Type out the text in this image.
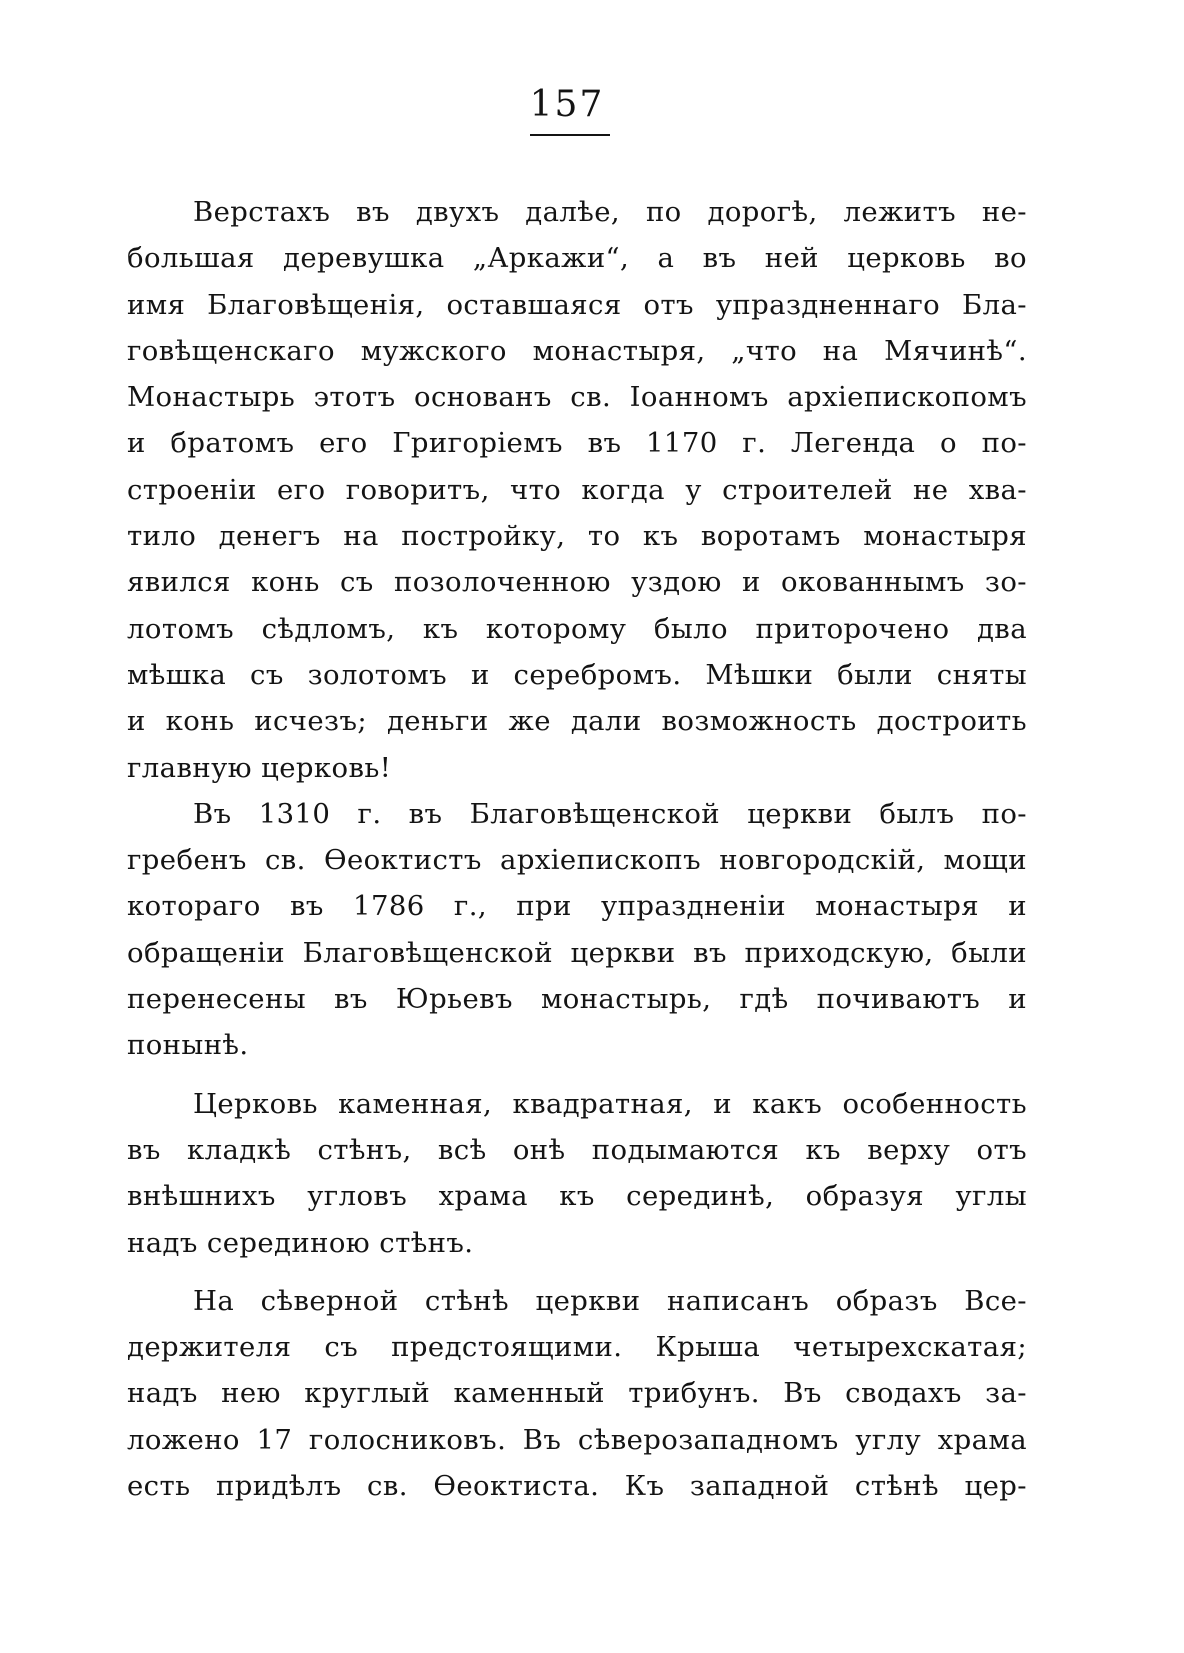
157

Верстахъ въ двухъ далѣе, по дорогѣ, лежитъ не-
большая деревушка „Аркажи“, а въ ней церковь во
имя Благовѣщенія, оставшаяся отъ упраздненнаго Бла-
говѣщенскаго мужского монастыря, „что на Мячинѣ“.
Монастырь этотъ основанъ св. Іоанномъ архіепископомъ
и братомъ его Григоріемъ въ 1170 г. Легенда о по-
строеніи его говоритъ, что когда у строителей не хва-
тило денегъ на постройку, то къ воротамъ монастыря
явился конь съ позолоченною уздою и окованнымъ зо-
лотомъ сѣдломъ, къ которому было приторочено два
мѣшка съ золотомъ и серебромъ. Мѣшки были сняты
и конь исчезъ; деньги же дали возможность достроить
главную церковь!

Въ 1310 г. въ Благовѣщенской церкви былъ по-
гребенъ св. Өеоктистъ архіепископъ новгородскій, мощи
котораго въ 1786 г., при упраздненіи монастыря и
обращеніи Благовѣщенской церкви въ приходскую, были
перенесены въ Юрьевъ монастырь, гдѣ почиваютъ и
понынѣ.

Церковь каменная, квадратная, и какъ особенность
въ кладкѣ стѣнъ, всѣ онѣ подымаются къ верху отъ
внѣшнихъ угловъ храма къ серединѣ, образуя углы
надъ серединою стѣнъ.

На сѣверной стѣнѣ церкви написанъ образъ Все-
держителя съ предстоящими. Крыша четырехскатая;
надъ нею круглый каменный трибунъ. Въ сводахъ за-
ложено 17 голосниковъ. Въ сѣверозападномъ углу храма
есть придѣлъ св. Өеоктиста. Къ западной стѣнѣ цер-
